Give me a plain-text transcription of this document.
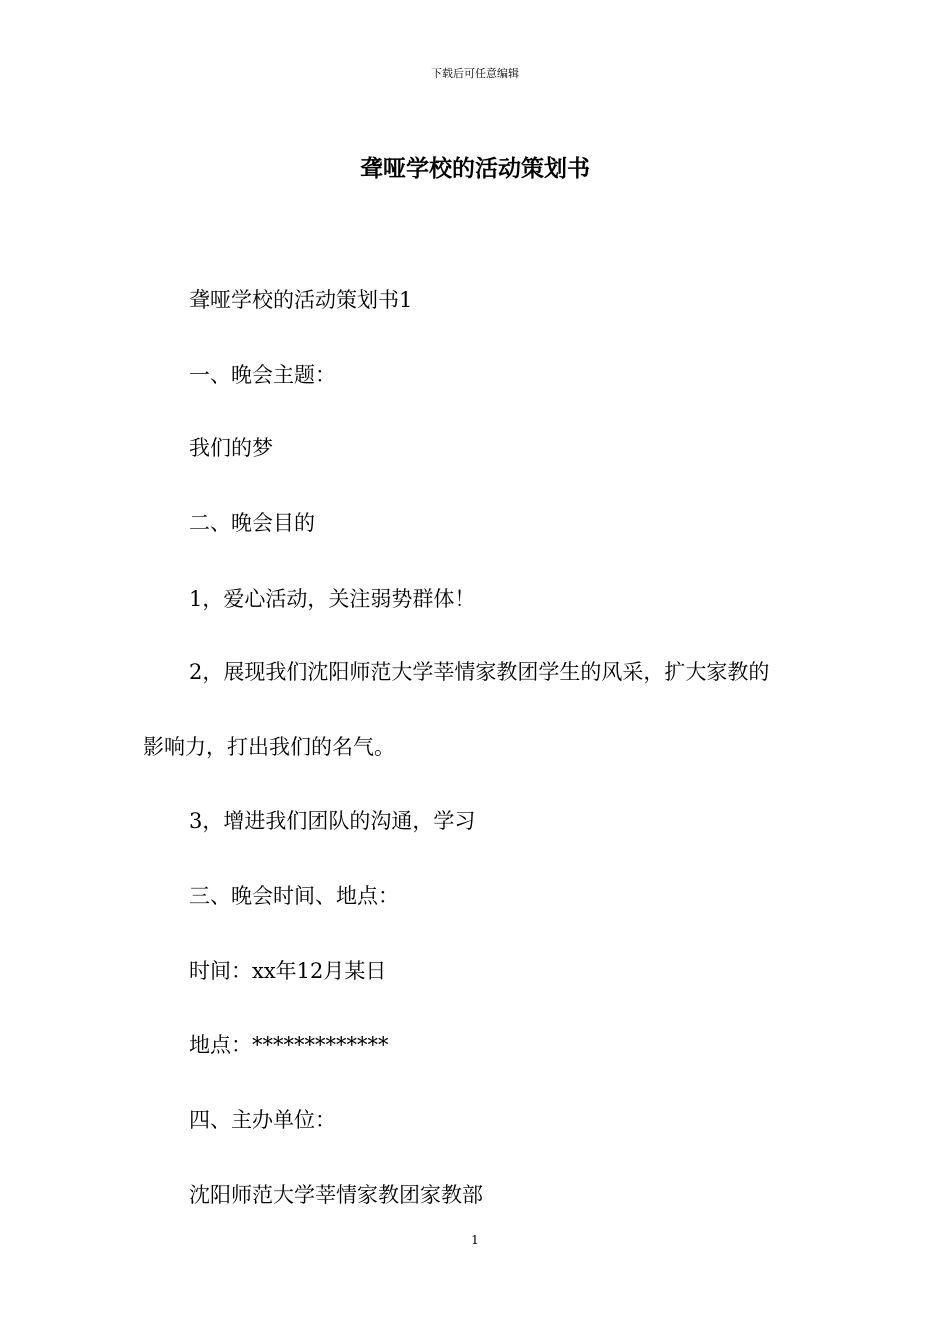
下载后可任意编辑
聋哑学校的活动策划书
聋哑学校的活动策划书1
一、晚会主题：
我们的梦
二、晚会目的
1，爱心活动，关注弱势群体！
2，展现我们沈阳师范大学莘情家教团学生的风采，扩大家教的
影响力，打出我们的名气。
3，增进我们团队的沟通，学习
三、晚会时间、地点：
时间：xx年12月某日
地点：*************
四、主办单位：
沈阳师范大学莘情家教团家教部
1
